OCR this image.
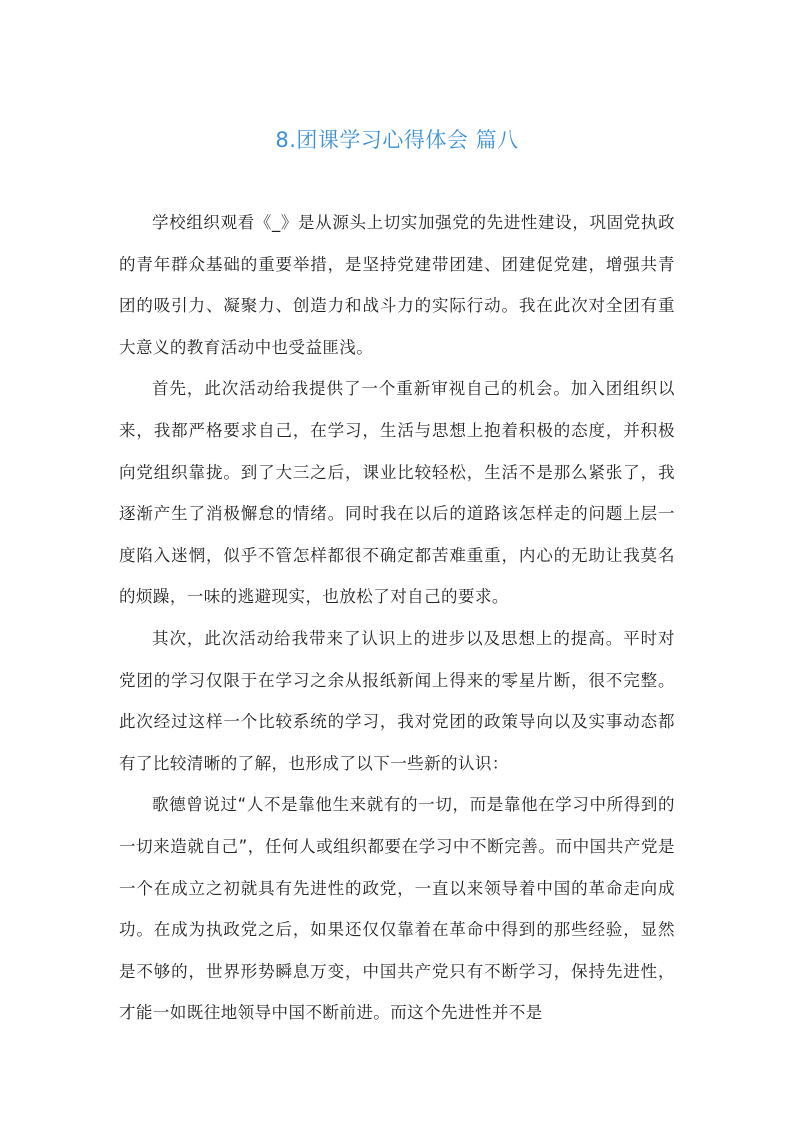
8.团课学习心得体会 篇八

学校组织观看《_》是从源头上切实加强党的先进性建设，巩固党执政的青年群众基础的重要举措，是坚持党建带团建、团建促党建，增强共青团的吸引力、凝聚力、创造力和战斗力的实际行动。我在此次对全团有重大意义的教育活动中也受益匪浅。

首先，此次活动给我提供了一个重新审视自己的机会。加入团组织以来，我都严格要求自己，在学习，生活与思想上抱着积极的态度，并积极向党组织靠拢。到了大三之后，课业比较轻松，生活不是那么紧张了，我逐渐产生了消极懈怠的情绪。同时我在以后的道路该怎样走的问题上层一度陷入迷惘，似乎不管怎样都很不确定都苦难重重，内心的无助让我莫名的烦躁，一味的逃避现实，也放松了对自己的要求。

其次，此次活动给我带来了认识上的进步以及思想上的提高。平时对党团的学习仅限于在学习之余从报纸新闻上得来的零星片断，很不完整。此次经过这样一个比较系统的学习，我对党团的政策导向以及实事动态都有了比较清晰的了解，也形成了以下一些新的认识：

歌德曾说过“人不是靠他生来就有的一切，而是靠他在学习中所得到的一切来造就自己”，任何人或组织都要在学习中不断完善。而中国共产党是一个在成立之初就具有先进性的政党，一直以来领导着中国的革命走向成功。在成为执政党之后，如果还仅仅靠着在革命中得到的那些经验，显然是不够的，世界形势瞬息万变，中国共产党只有不断学习，保持先进性，才能一如既往地领导中国不断前进。而这个先进性并不是
